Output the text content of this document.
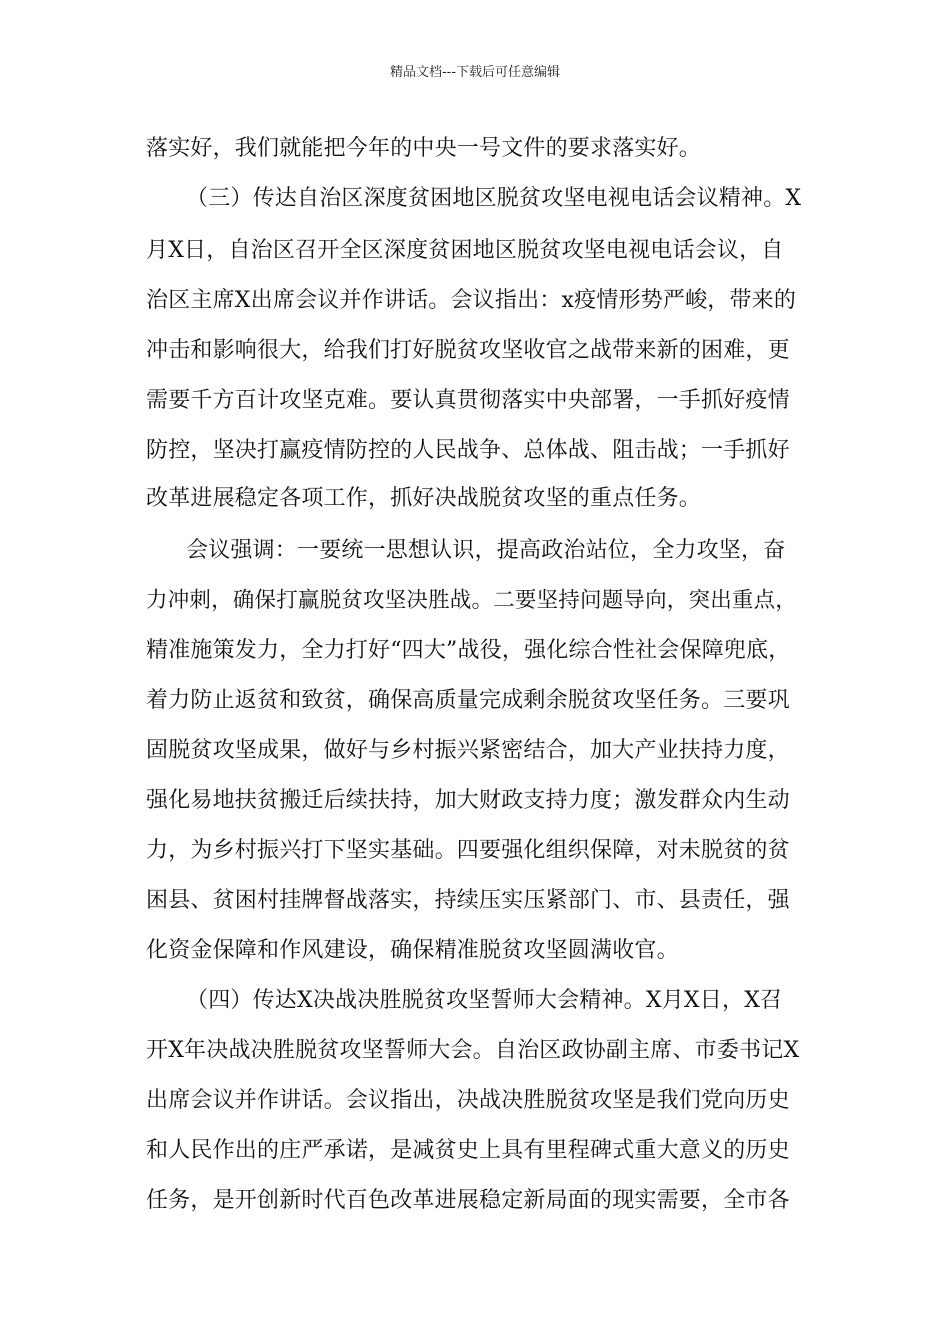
精品文档---下载后可任意编辑
落实好，我们就能把今年的中央一号文件的要求落实好。
（三）传达自治区深度贫困地区脱贫攻坚电视电话会议精神。X
月X日，自治区召开全区深度贫困地区脱贫攻坚电视电话会议，自
治区主席X出席会议并作讲话。会议指出：x疫情形势严峻，带来的
冲击和影响很大，给我们打好脱贫攻坚收官之战带来新的困难，更
需要千方百计攻坚克难。要认真贯彻落实中央部署，一手抓好疫情
防控，坚决打赢疫情防控的人民战争、总体战、阻击战；一手抓好
改革进展稳定各项工作，抓好决战脱贫攻坚的重点任务。
会议强调：一要统一思想认识，提高政治站位，全力攻坚，奋
力冲刺，确保打赢脱贫攻坚决胜战。二要坚持问题导向，突出重点，
精准施策发力，全力打好“四大”战役，强化综合性社会保障兜底，
着力防止返贫和致贫，确保高质量完成剩余脱贫攻坚任务。三要巩
固脱贫攻坚成果，做好与乡村振兴紧密结合，加大产业扶持力度，
强化易地扶贫搬迁后续扶持，加大财政支持力度；激发群众内生动
力，为乡村振兴打下坚实基础。四要强化组织保障，对未脱贫的贫
困县、贫困村挂牌督战落实，持续压实压紧部门、市、县责任，强
化资金保障和作风建设，确保精准脱贫攻坚圆满收官。
（四）传达X决战决胜脱贫攻坚誓师大会精神。X月X日，X召
开X年决战决胜脱贫攻坚誓师大会。自治区政协副主席、市委书记X
出席会议并作讲话。会议指出，决战决胜脱贫攻坚是我们党向历史
和人民作出的庄严承诺，是减贫史上具有里程碑式重大意义的历史
任务，是开创新时代百色改革进展稳定新局面的现实需要，全市各
